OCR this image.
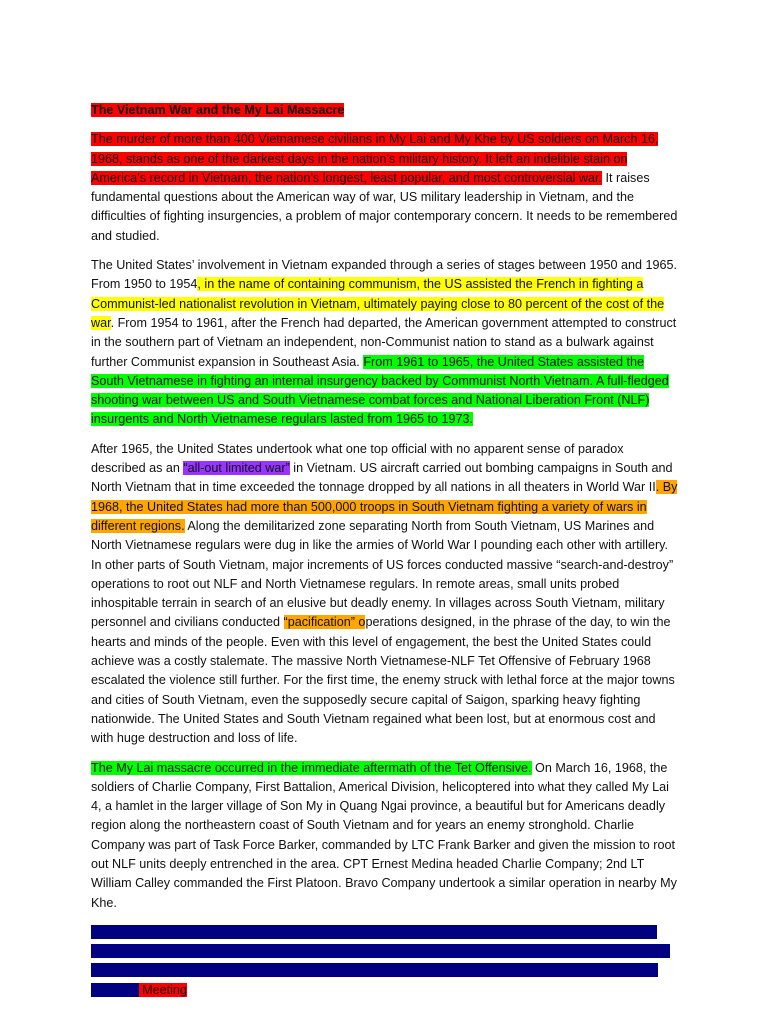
The Vietnam War and the My Lai Massacre

The murder of more than 400 Vietnamese civilians in My Lai and My Khe by US soldiers on March 16, 1968, stands as one of the darkest days in the nation’s military history. It left an indelible stain on America’s record in Vietnam, the nation’s longest, least popular, and most controversial war. It raises fundamental questions about the American way of war, US military leadership in Vietnam, and the difficulties of fighting insurgencies, a problem of major contemporary concern. It needs to be remembered and studied.

The United States’ involvement in Vietnam expanded through a series of stages between 1950 and 1965. From 1950 to 1954, in the name of containing communism, the US assisted the French in fighting a Communist-led nationalist revolution in Vietnam, ultimately paying close to 80 percent of the cost of the war. From 1954 to 1961, after the French had departed, the American government attempted to construct in the southern part of Vietnam an independent, non-Communist nation to stand as a bulwark against further Communist expansion in Southeast Asia. From 1961 to 1965, the United States assisted the South Vietnamese in fighting an internal insurgency backed by Communist North Vietnam. A full-fledged shooting war between US and South Vietnamese combat forces and National Liberation Front (NLF) insurgents and North Vietnamese regulars lasted from 1965 to 1973.

After 1965, the United States undertook what one top official with no apparent sense of paradox described as an “all-out limited war” in Vietnam. US aircraft carried out bombing campaigns in South and North Vietnam that in time exceeded the tonnage dropped by all nations in all theaters in World War II. By 1968, the United States had more than 500,000 troops in South Vietnam fighting a variety of wars in different regions. Along the demilitarized zone separating North from South Vietnam, US Marines and North Vietnamese regulars were dug in like the armies of World War I pounding each other with artillery. In other parts of South Vietnam, major increments of US forces conducted massive “search-and-destroy” operations to root out NLF and North Vietnamese regulars. In remote areas, small units probed inhospitable terrain in search of an elusive but deadly enemy. In villages across South Vietnam, military personnel and civilians conducted “pacification” operations designed, in the phrase of the day, to win the hearts and minds of the people. Even with this level of engagement, the best the United States could achieve was a costly stalemate. The massive North Vietnamese-NLF Tet Offensive of February 1968 escalated the violence still further. For the first time, the enemy struck with lethal force at the major towns and cities of South Vietnam, even the supposedly secure capital of Saigon, sparking heavy fighting nationwide. The United States and South Vietnam regained what been lost, but at enormous cost and with huge destruction and loss of life.

The My Lai massacre occurred in the immediate aftermath of the Tet Offensive. On March 16, 1968, the soldiers of Charlie Company, First Battalion, Americal Division, helicoptered into what they called My Lai 4, a hamlet in the larger village of Son My in Quang Ngai province, a beautiful but for Americans deadly region along the northeastern coast of South Vietnam and for years an enemy stronghold. Charlie Company was part of Task Force Barker, commanded by LTC Frank Barker and given the mission to root out NLF units deeply entrenched in the area. CPT Ernest Medina headed Charlie Company; 2nd LT William Calley commanded the First Platoon. Bravo Company undertook a similar operation in nearby My Khe.

The savagery that followed defies description. Geared up for action, the men entered My Lai at 8 a.m. with weapons blazing and for the next four hours engaged in an orgy of killing. “We just rounded ’em up, me and a couple of guys, just put the M-16 on automatic, and just mowed ’em down,” one soldier later recalled. Meeting
